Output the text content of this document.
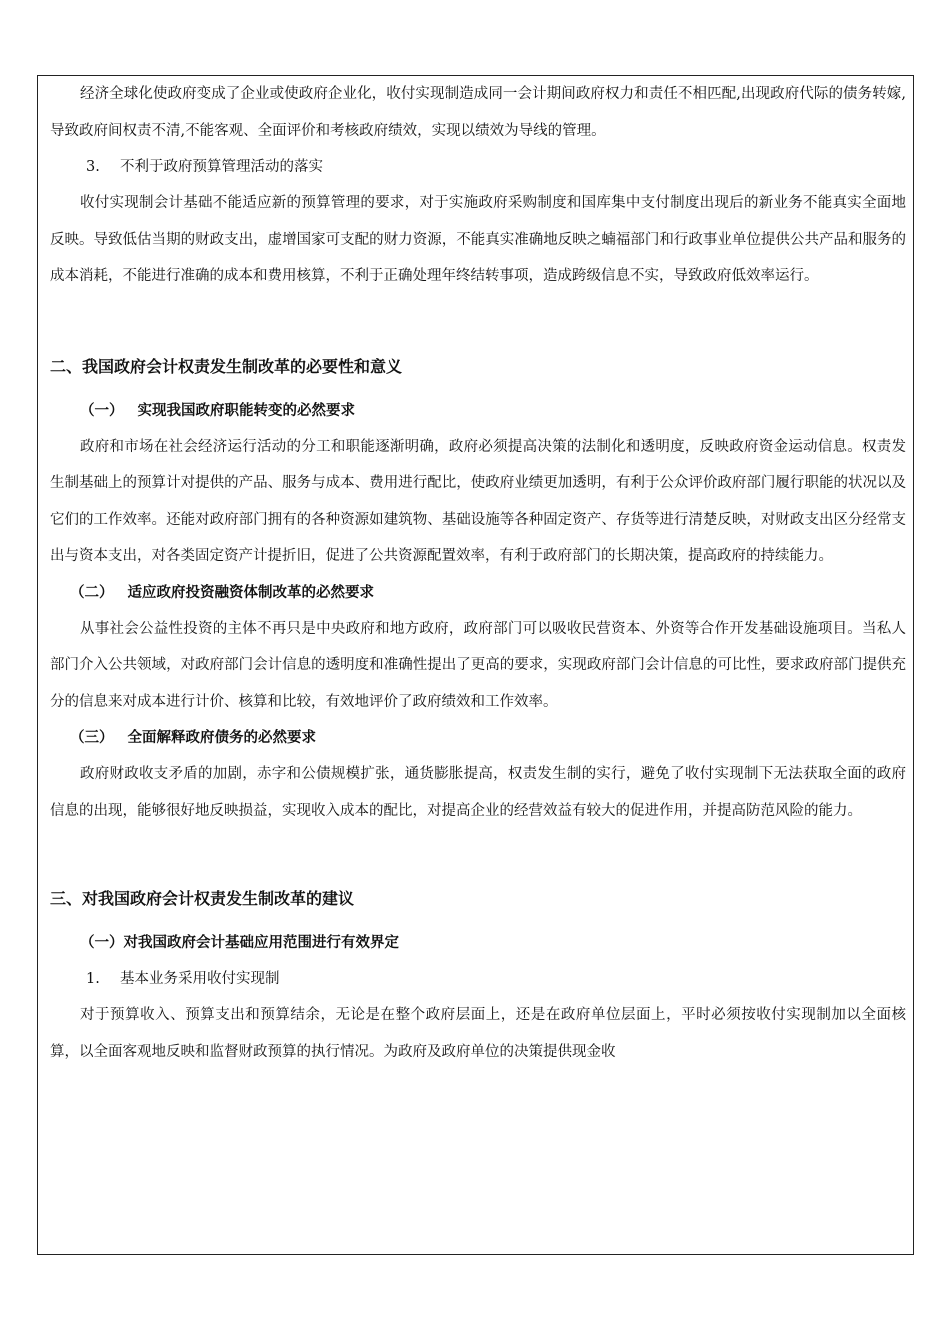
经济全球化使政府变成了企业或使政府企业化，收付实现制造成同一会计期间政府权力和责任不相匹配,出现政府代际的债务转嫁,导致政府间权责不清,不能客观、全面评价和考核政府绩效，实现以绩效为导线的管理。

3. 不利于政府预算管理活动的落实

收付实现制会计基础不能适应新的预算管理的要求，对于实施政府采购制度和国库集中支付制度出现后的新业务不能真实全面地反映。导致低估当期的财政支出，虚增国家可支配的财力资源，不能真实准确地反映之蝻福部门和行政事业单位提供公共产品和服务的成本消耗，不能进行准确的成本和费用核算，不利于正确处理年终结转事项，造成跨级信息不实，导致政府低效率运行。

二、我国政府会计权责发生制改革的必要性和意义

（一） 实现我国政府职能转变的必然要求

政府和市场在社会经济运行活动的分工和职能逐渐明确，政府必须提高决策的法制化和透明度，反映政府资金运动信息。权责发生制基础上的预算计对提供的产品、服务与成本、费用进行配比，使政府业绩更加透明，有利于公众评价政府部门履行职能的状况以及它们的工作效率。还能对政府部门拥有的各种资源如建筑物、基础设施等各种固定资产、存货等进行清楚反映，对财政支出区分经常支出与资本支出，对各类固定资产计提折旧，促进了公共资源配置效率，有利于政府部门的长期决策，提高政府的持续能力。

（二） 适应政府投资融资体制改革的必然要求

从事社会公益性投资的主体不再只是中央政府和地方政府，政府部门可以吸收民营资本、外资等合作开发基础设施项目。当私人部门介入公共领域，对政府部门会计信息的透明度和准确性提出了更高的要求，实现政府部门会计信息的可比性，要求政府部门提供充分的信息来对成本进行计价、核算和比较，有效地评价了政府绩效和工作效率。

（三） 全面解释政府债务的必然要求

政府财政收支矛盾的加剧，赤字和公债规模扩张，通货膨胀提高，权责发生制的实行，避免了收付实现制下无法获取全面的政府信息的出现，能够很好地反映损益，实现收入成本的配比，对提高企业的经营效益有较大的促进作用，并提高防范风险的能力。

三、对我国政府会计权责发生制改革的建议

（一）对我国政府会计基础应用范围进行有效界定

1. 基本业务采用收付实现制

对于预算收入、预算支出和预算结余，无论是在整个政府层面上，还是在政府单位层面上，平时必须按收付实现制加以全面核算，以全面客观地反映和监督财政预算的执行情况。为政府及政府单位的决策提供现金收
